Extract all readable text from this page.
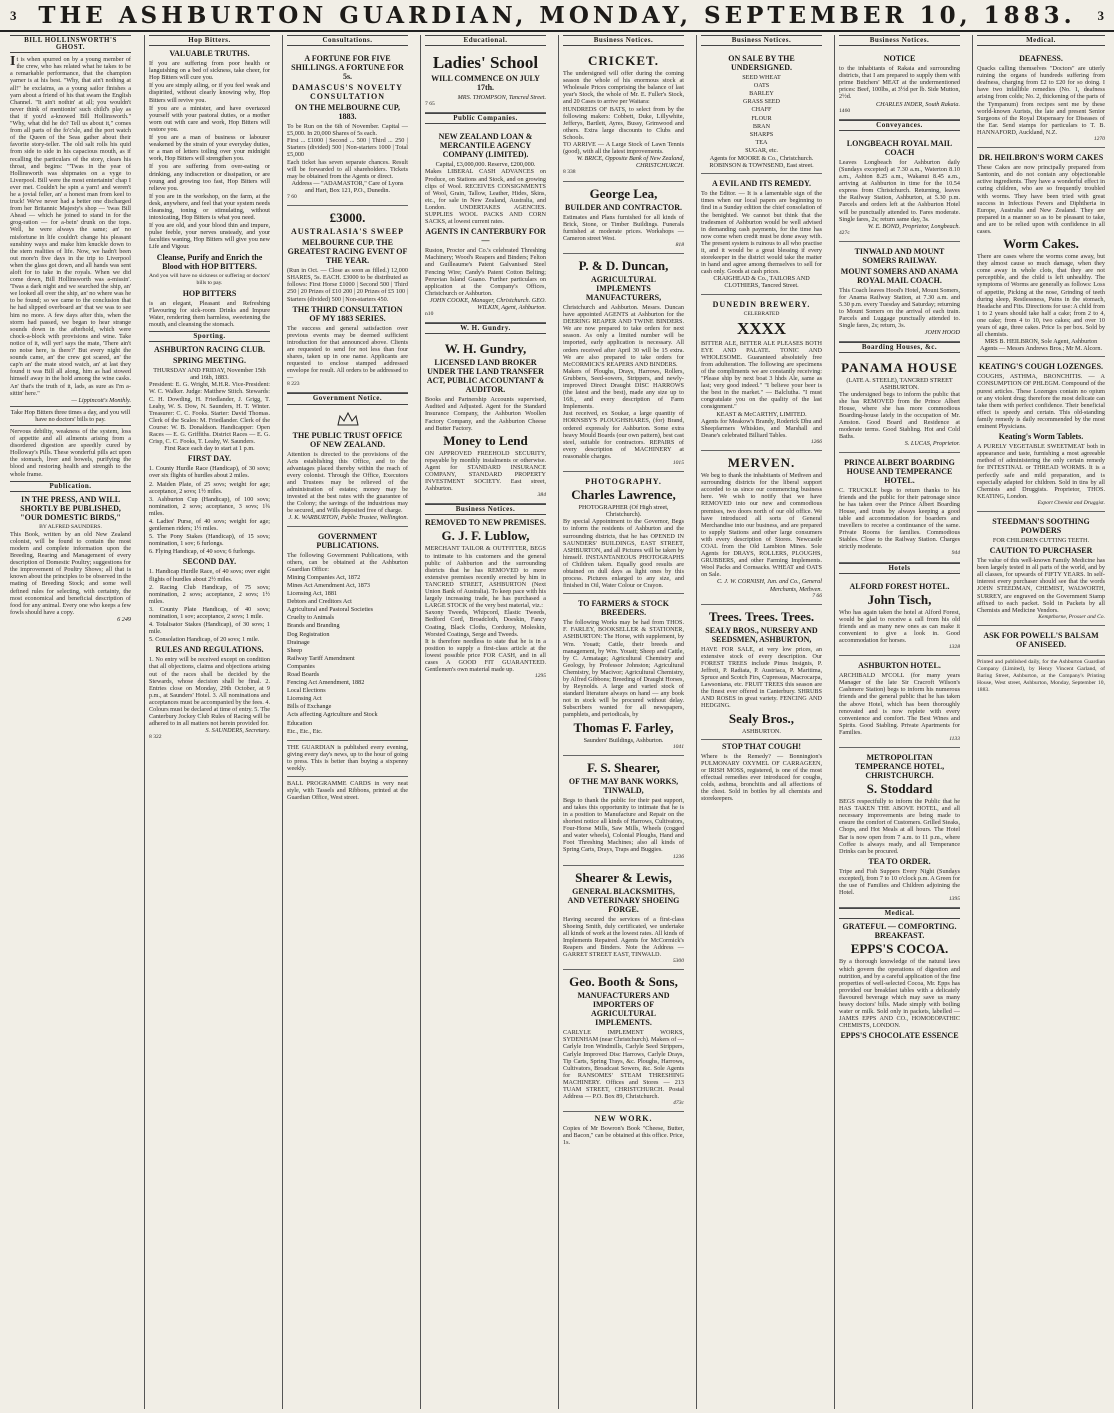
3 THE ASHBURTON GUARDIAN, MONDAY, SEPTEMBER 10, 1883.	3
BILL HOLLINSWORTH'S GHOST.
It is when spurred on by a young member of the crew, who has related what he takes to be a remarkable performance, that the champion yarner is at his best. "Why, that ain't nothing at all!" he exclaims, as a young sailor finishes a yarn about a friend of his that swam the English Channel. "It ain't nothin' at all; you wouldn't never think of mentionin' such child's play as that if you'd a-knowed Bill Hollinsworth." "Why, what did he do? Tell us about it," comes from all parts of the fo'c'sle, and the port watch of the Queen of the Seas gather about their favorite story-teller. The old salt rolls his quid from side to side in his capacious mouth, as if recalling the particulars of the story, clears his throat, and begins: "'Twas in the year of Hollinsworth was shipmates on a vyge to Liverpool. Bill were the most entertainin' chap I ever met. Couldn't he spin a yarn! and weren't he a jovial feller, an' a honest man from keel to truck! We've never had a better one discharged from her Britannic Majesty's shop — 'twas Bill Ahead — which he joined to stand in for the grog-ration — for a-bein' drunk on the tops. Well, he were always the same; an' no misfortune in life couldn't change his pleasant sunshiny ways and make him knuckle down to the stern realities of life. Now, we hadn't been out more'n five days in the trip to Liverpool when the glass got down, and all hands was sent aloft for to take in the royals. When we did come down, Bill Hollinsworth was a-missin'. 'Twas a dark night and we searched the ship, an' we looked all over the ship, an' no where was he to be found; so we came to the conclusion that he had slipped overboard an' that we was to see him no more. A few days after this, when the storm had passed, we began to hear strange sounds down in the afterhold, which were chock-a-block with provisions and wine. Take notice of it, will yer! says the mate, 'There ain't no noise here, is there?' But every night the sounds came, an' the crew got scared, an' the cap'n an' the mate stood watch, an' at last they found it was Bill all along, him as had stowed himself away in the hold among the wine casks. An' that's the truth of it, lads, as sure as I'm a-sittin' here."
— Lippincott's Monthly.
Take Hop Bitters three times a day, and you will have no doctors' bills to pay.
Nervous debility, weakness of the system, loss of appetite and all ailments arising from a disordered digestion are speedily cured by Holloway's Pills. These wonderful pills act upon the stomach, liver and bowels, purifying the blood and restoring health and strength to the whole frame.
Publication.
IN THE PRESS, AND WILL SHORTLY BE PUBLISHED, "OUR DOMESTIC BIRDS,"
BY ALFRED SAUNDERS.
This Book, written by an old New Zealand colonist, will be found to contain the most modern and complete information upon the Breeding, Rearing and Management of every description of Domestic Poultry; suggestions for the improvement of Poultry Shows; all that is known about the principles to be observed in the mating of Breeding Stock; and some well defined rules for selecting, with certainty, the most economical and beneficial description of food for any animal. Every one who keeps a few fowls should have a copy.
6 249
Hop Bitters.
VALUABLE TRUTHS.

If you are suffering from poor health or languishing on a bed of sickness, take cheer, for Hop Bitters will cure you.

If you are simply ailing, or if you feel weak and dispirited, without clearly knowing why, Hop Bitters will revive you.

If you are a minister, and have overtaxed yourself with your pastoral duties, or a mother worn out with care and work, Hop Bitters will restore you.

If you are a man of business or labourer weakened by the strain of your everyday duties, or a man of letters toiling over your midnight work, Hop Bitters will strengthen you.

If you are suffering from over-eating or drinking, any indiscretion or dissipation, or are young and growing too fast, Hop Bitters will relieve you.

If you are in the workshop, on the farm, at the desk, anywhere, and feel that your system needs cleansing, toning or stimulating, without intoxicating, Hop Bitters is what you need.

If you are old, and your blood thin and impure, pulse feeble, your nerves unsteady, and your faculties waning, Hop Bitters will give you new Life and Vigour.

Cleanse, Purify and Enrich the Blood with HOP BITTERS.
And you will have no sickness or suffering or doctors' bills to pay.
HOP BITTERS
is an elegant, Pleasant and Refreshing Flavouring for sick-room Drinks and Impure Water, rendering them harmless, sweetening the mouth, and cleansing the stomach.
Sporting.
ASHBURTON RACING CLUB.
SPRING MEETING.
THURSDAY AND FRIDAY, November 15th and 16th, 1883.
President: E. G. Wright, M.H.R. Vice-President: W. C. Walker. Judge: Matthew Stitch. Stewards: C. H. Dowding, H. Friedlander, J. Grigg, T. Leahy, W. S. Dow, N. Saunders, H. T. Winter. Treasurer: C. C. Fooks. Starter: David Thomas. Clerk of the Scales: M. Friedlander. Clerk of the Course: W. B. Donaldson. Handicapper: Open Races — E. G. Griffiths. District Races — E. G. Crisp, C. C. Fooks, T. Leahy, W. Saunders.
First Race each day to start at 1 p.m.
FIRST DAY.

1. County Hurdle Race (Handicap), of 30 sovs; over six flights of hurdles about 2 miles.

2. Maiden Plate, of 25 sovs; weight for age; acceptance, 2 sovs; 1½ miles.

3. Ashburton Cup (Handicap), of 100 sovs; nomination, 2 sovs; acceptance, 3 sovs; 1¾ miles.

4. Ladies' Purse, of 40 sovs; weight for age; gentlemen riders; 1½ miles.

5. The Pony Stakes (Handicap), of 15 sovs; nomination, 1 sov; 6 furlongs.

6. Flying Handicap, of 40 sovs; 6 furlongs.

SECOND DAY.

1. Handicap Hurdle Race, of 40 sovs; over eight flights of hurdles about 2½ miles.

2. Racing Club Handicap, of 75 sovs; nomination, 2 sovs; acceptance, 2 sovs; 1½ miles.

3. County Plate Handicap, of 40 sovs; nomination, 1 sov; acceptance, 2 sovs; 1 mile.

4. Totalisator Stakes (Handicap), of 30 sovs; 1 mile.

5. Consolation Handicap, of 20 sovs; 1 mile.

RULES AND REGULATIONS.
1. No entry will be received except on condition that all objections, claims and objections arising out of the races shall be decided by the Stewards, whose decision shall be final. 2. Entries close on Monday, 29th October, at 9 p.m., at Saunders' Hotel. 3. All nominations and acceptances must be accompanied by the fees. 4. Colours must be declared at time of entry. 5. The Canterbury Jockey Club Rules of Racing will be adhered to in all matters not herein provided for.
S. SAUNDERS, Secretary.
8 322
Consultations.
A FORTUNE FOR FIVE SHILLINGS. A FORTUNE FOR 5s.
DAMASCUS'S NOVELTY CONSULTATION
ON THE MELBOURNE CUP, 1883.
To be Run on the 6th of November. Capital — £5,000. In 20,000 Shares of 5s each.
First ... £1000 | Second ... 500 | Third ... 250 | Starters (divided) 500 | Non-starters 1000 | Total £5,000
Each ticket has seven separate chances. Result will be forwarded to all shareholders. Tickets may be obtained from the Agents or direct.
Address — "ADAMASTOR," Care of Lyons and Hart, Box 121, P.O., Dunedin.
7 60
£3000.
AUSTRALASIA'S SWEEP
MELBOURNE CUP. THE GREATEST RACING EVENT OF THE YEAR.
(Run in Oct. — Close as soon as filled.) 12,000 SHARES, 5s. EACH. £3000 to be distributed as follows: First Horse £1000 | Second 500 | Third 250 | 20 Prizes of £10 200 | 20 Prizes of £5 100 | Starters (divided) 500 | Non-starters 450.
THE THIRD CONSULTATION OF MY 1883 SERIES.
The success and general satisfaction over previous events may be deemed sufficient introduction for that announced above. Clients are requested to send for not less than four shares, taken up in one name. Applicants are requested to enclose stamped addressed envelope for result. All orders to be addressed to —
8 223
Government Notice.
THE PUBLIC TRUST OFFICE OF NEW ZEALAND.
Attention is directed to the provisions of the Acts establishing this Office, and to the advantages placed thereby within the reach of every colonist. Through the Office, Executors and Trustees may be relieved of the administration of estates; money may be invested at the best rates with the guarantee of the Colony; the savings of the industrious may be secured, and Wills deposited free of charge.
J. K. WARBURTON, Public Trustee, Wellington.
GOVERNMENT PUBLICATIONS.
The following Government Publications, with others, can be obtained at the Ashburton Guardian Office:
Mining Companies Act, 1872
Mines Act Amendment Act, 1873
Licensing Act, 1881
Debtors and Creditors Act
Agricultural and Pastoral Societies
Cruelty to Animals
Brands and Branding
Dog Registration
Drainage
Sheep
Railway Tariff Amendment
Companies
Road Boards
Fencing Act Amendment, 1882
Local Elections
Licensing Act
Bills of Exchange
Acts affecting Agriculture and Stock
Education
Etc., Etc., Etc.
THE GUARDIAN is published every evening, giving every day's news, up to the hour of going to press. This is better than buying a sixpenny weekly.
BALL PROGRAMME CARDS in very neat style, with Tassels and Ribbons, printed at the Guardian Office, West street.
Educational.
Ladies' School
WILL COMMENCE ON JULY 17th.
MRS. THOMPSON, Tancred Street.
7 65
Public Companies.
NEW ZEALAND LOAN & MERCANTILE AGENCY COMPANY (LIMITED).
Capital, £3,000,000. Reserve, £200,000.
Makes LIBERAL CASH ADVANCES on Produce, on Stations and Stock, and on growing clips of Wool. RECEIVES CONSIGNMENTS of Wool, Grain, Tallow, Leather, Hides, Skins, etc., for sale in New Zealand, Australia, and London. UNDERTAKES AGENCIES. SUPPLIES WOOL PACKS AND CORN SACKS, at lowest current rates.
AGENTS IN CANTERBURY FOR —
Ruston, Proctor and Co.'s celebrated Threshing Machinery; Wood's Reapers and Binders; Felton and Guilleaume's Patent Galvanised Steel Fencing Wire; Candy's Patent Cotton Belting; Peruvian Island Guano. Further particulars on application at the Company's Offices, Christchurch or Ashburton.
JOHN COOKE, Manager, Christchurch. GEO. WILKIN, Agent, Ashburton.
n10
W. H. Gundry.
W. H. Gundry,
LICENSED LAND BROKER UNDER THE LAND TRANSFER ACT, PUBLIC ACCOUNTANT & AUDITOR.
Books and Partnership Accounts supervised, Audited and Adjusted. Agent for the Standard Insurance Company, the Ashburton Woollen Factory Company, and the Ashburton Cheese and Butter Factory.
Money to Lend
ON APPROVED FREEHOLD SECURITY, repayable by monthly instalments or otherwise. Agent for STANDARD INSURANCE COMPANY, STANDARD PROPERTY INVESTMENT SOCIETY. East street, Ashburton.
384
Business Notices.
REMOVED TO NEW PREMISES.
G. J. F. Lublow,
MERCHANT TAILOR & OUTFITTER, BEGS to intimate to his customers and the general public of Ashburton and the surrounding districts that he has REMOVED to more extensive premises recently erected by him in TANCRED STREET, ASHBURTON (Next Union Bank of Australia). To keep pace with his largely increasing trade, he has purchased a LARGE STOCK of the very best material, viz.:
Saxony Tweeds, Whipcord, Elastic Tweeds, Bedford Cord, Broadcloth, Doeskin, Fancy Coating, Black Cloths, Corduroy, Moleskin, Worsted Coatings, Serge and Tweeds.
It is therefore needless to state that he is in a position to supply a first-class article at the lowest possible price FOR CASH, and in all cases A GOOD FIT GUARANTEED. Gentlemen's own material made up.
1295
Business Notices.
CRICKET.
The undersigned will offer during the coming season the whole of his enormous stock at Wholesale Prices comprising the balance of last year's Stock, the whole of Mr. E. Fuller's Stock, and 20 Cases to arrive per Waitara:
HUNDREDS OF BATS, to select from by the following makers: Cobbett, Duke, Lillywhite, Jefferys, Bartlett, Ayres, Bussy, Grimwood and others. Extra large discounts to Clubs and Schools.
TO ARRIVE — A Large Stock of Lawn Tennis (good), with all the latest improvements.
W. BRICE, Opposite Bank of New Zealand, CHRISTCHURCH.
8 338
George Lea,
BUILDER AND CONTRACTOR.
Estimates and Plans furnished for all kinds of Brick, Stone, or Timber Buildings. Funerals furnished at moderate prices. Workshops — Cameron street West.
818
P. & D. Duncan,
AGRICULTURAL IMPLEMENTS MANUFACTURERS,
Christchurch and Ashburton. Messrs. Duncan have appointed AGENTS at Ashburton for the DEERING REAPER AND TWINE BINDERS. We are now prepared to take orders for next season. As only a limited number will be imported, early application is necessary. All orders received after April 30 will be 15 extra. We are also prepared to take orders for McCORMICK'S REAPERS AND BINDERS.
Makers of Ploughs, Drays, Harrows, Rollers, Grubbers, Seed-sowers, Strippers, and newly-improved Direct Draught DISC HARROWS (the latest and the best), made any size up to 16ft., and every description of Farm Implements.
Just received, ex Soukar, a large quantity of HORNSBY'S PLOUGHSHARES, (for) Brand, ordered expressly for Ashburton. Some extra heavy Mould Boards (our own pattern), best cast steel, suitable for contractors. REPAIRS of every description of MACHINERY at reasonable charges.
1015
PHOTOGRAPHY.
Charles Lawrence,
PHOTOGRAPHER (Of High street, Christchurch).
By special Appointment to the Governor, Begs to inform the residents of Ashburton and the surrounding districts, that he has OPENED IN SAUNDERS' BUILDINGS, EAST STREET, ASHBURTON, and all Pictures will be taken by himself. INSTANTANEOUS PHOTOGRAPHS of Children taken. Equally good results are obtained on dull days as light ones by this process. Pictures enlarged to any size, and finished in Oil, Water Colour or Crayon.
TO FARMERS & STOCK BREEDERS.
The following Works may be had from THOS. F. FARLEY, BOOKSELLER & STATIONER, ASHBURTON: The Horse, with supplement, by Wm. Youatt; Cattle, their breeds and management, by Wm. Youatt; Sheep and Cattle, by C. Armatage; Agricultural Chemistry and Geology, by Professor Johnston; Agricultural Chemistry, by Macivor; Agricultural Chemistry, by Alfred Gibbons; Breeding of Draught Horses, by Reynolds. A large and varied stock of standard literature always on hand — any book not in stock will be procured without delay. Subscribers wanted for all newspapers, pamphlets, and periodicals, by
Thomas F. Farley,
Saunders' Buildings, Ashburton.
1041
F. S. Shearer,
OF THE MAY BANK WORKS, TINWALD,
Begs to thank the public for their past support, and takes this opportunity to intimate that he is in a position to Manufacture and Repair on the shortest notice all kinds of Harrows, Cultivators, Four-Horse Mills, Saw Mills, Wheels (cogged and water wheels), Colonial Ploughs, Hand and Foot Threshing Machines; also all kinds of Spring Carts, Drays, Traps and Buggies.
1236
Shearer & Lewis,
GENERAL BLACKSMITHS, AND VETERINARY SHOEING FORGE.
Having secured the services of a first-class Shoeing Smith, duly certificated, we undertake all kinds of work at the lowest rates. All kinds of Implements Repaired. Agents for McCormick's Reapers and Binders. Note the Address — GARRET STREET EAST, TINWALD.
5300
Geo. Booth & Sons,
MANUFACTURERS AND IMPORTERS OF AGRICULTURAL IMPLEMENTS.
CARLYLE IMPLEMENT WORKS, SYDENHAM (near Christchurch). Makers of — Carlyle Iron Windmills, Carlyle Seed Strippers, Carlyle Improved Disc Harrows, Carlyle Drays, Tip Carts, Spring Trays, &c. Ploughs, Harrows, Cultivators, Broadcast Sowers, &c. Sole Agents for RANSOMES' STEAM THRESHING MACHINERY. Offices and Stores — 213 TUAM STREET, CHRISTCHURCH. Postal Address — P.O. Box 89, Christchurch.
473c
NEW WORK.
Copies of Mr Bowron's Book "Cheese, Butter, and Bacon," can be obtained at this office. Price, 1s.
Business Notices.
ON SALE BY THE UNDERSIGNED.
SEED WHEAT
OATS
BARLEY
GRASS SEED
CHAFF
FLOUR
BRAN
SHARPS
TEA
SUGAR, etc.
Agents for MOORE & Co., Christchurch. ROBINSON & TOWNSEND, East street.
A EVIL AND ITS REMEDY.
To the Editor. — It is a lamentable sign of the times when our local papers are beginning to find in a Sunday edition the chief consolation of the benighted. We cannot but think that the tradesmen of Ashburton would be well advised in demanding cash payments, for the time has now come when credit must be done away with. The present system is ruinous to all who practise it, and it would be a great blessing if every storekeeper in the district would take the matter in hand and agree among themselves to sell for cash only. Goods at cash prices.
CRAIGHEAD & Co., TAILORS AND CLOTHIERS, Tancred Street.
DUNEDIN BREWERY.
CELEBRATED
XXXX
BITTER ALE, BITTER ALE PLEASES BOTH EYE AND PALATE. TONIC AND WHOLESOME. Guaranteed absolutely free from adulteration. The following are specimens of the compliments we are constantly receiving: "Please ship by next boat 3 hhds Ale, same as last; very good indeed." "I believe your beer is the best in the market." — Balclutha. "I must congratulate you on the quality of the last consignment."
KEAST & McCARTHY, LIMITED.
Agents for Meakow's Brandy, Roderick Dhu and Sheepfarmers Whiskies, and Marshall and Deane's celebrated Billiard Tables.
1266
MERVEN.
We beg to thank the inhabitants of Methven and surrounding districts for the liberal support accorded to us since our commencing business here. We wish to notify that we have REMOVED into our new and commodious premises, two doors north of our old office. We have introduced all sorts of General Merchandise into our business, and are prepared to supply Stations and other large consumers with every description of Stores. Newcastle COAL from the Old Lambton Mines. Sole Agents for DRAYS, ROLLERS, PLOUGHS, GRUBBERS, and other Farming Implements. Wool Packs and Cornsacks. WHEAT and OATS on Sale.
C. J. W. CORNISH, Jun. and Co., General Merchants, Methven.
7 66
Trees. Trees. Trees.
SEALY BROS., NURSERY AND SEEDSMEN, ASHBURTON,
HAVE FOR SALE, at very low prices, an extensive stock of every description. Our FOREST TREES include Pinus Insignis, P. Jeffreii, P. Radiata, P. Austriaca, P. Maritima, Spruce and Scotch Firs, Cupressus, Macrocarpa, Lawsoniana, etc. FRUIT TREES this season are the finest ever offered in Canterbury. SHRUBS AND ROSES in great variety. FENCING AND HEDGING.
Sealy Bros.,
ASHBURTON.
STOP THAT COUGH!
Where is the Remedy? — Bonnington's PULMONARY OXYMEL OF CARRAGEEN, or IRISH MOSS, registered, is one of the most effectual remedies ever introduced for coughs, colds, asthma, bronchitis and all affections of the chest. Sold in bottles by all chemists and storekeepers.
Business Notices.
NOTICE
to the inhabitants of Rakaia and surrounding districts, that I am prepared to supply them with prime Butchers' MEAT at the undermentioned prices: Beef, 100lbs, at 3½d per lb. Side Mutton, 2½d.
CHARLES INDER, South Rakaia.
1460
Conveyances.
LONGBEACH ROYAL MAIL COACH
Leaves Longbeach for Ashburton daily (Sundays excepted) at 7.30 a.m., Waterton 8.10 a.m., Ashton 8.25 a.m., Wakanui 8.45 a.m., arriving at Ashburton in time for the 10.54 express from Christchurch. Returning, leaves the Railway Station, Ashburton, at 5.30 p.m. Parcels and orders left at the Ashburton Hotel will be punctually attended to. Fares moderate. Single fares, 2s; return same day, 3s.
W. E. BOND, Proprietor, Longbeach.
427c
TINWALD AND MOUNT SOMERS RAILWAY.
MOUNT SOMERS AND ANAMA ROYAL MAIL COACH.
This Coach leaves Hood's Hotel, Mount Somers, for Anama Railway Station, at 7.30 a.m. and 5.30 p.m. every Tuesday and Saturday; returning to Mount Somers on the arrival of each train. Parcels and Luggage punctually attended to. Single fares, 2s; return, 3s.
JOHN HOOD
Boarding Houses, &c.
PANAMA HOUSE
(LATE A. STEELE), TANCRED STREET ASHBURTON.
The undersigned begs to inform the public that she has REMOVED from the Prince Albert House, where she has more commodious Boarding-house lately in the occupation of Mr. Amston. Good Board and Residence at moderate terms. Good Stabling. Hot and Cold Baths.
S. LUCAS, Proprietor.
PRINCE ALBERT BOARDING HOUSE AND TEMPERANCE HOTEL.
C. TRUCKLE begs to return thanks to his friends and the public for their patronage since he has taken over the Prince Albert Boarding House, and trusts by always keeping a good table and accommodation for boarders and travellers to receive a continuance of the same. Private Rooms for families. Commodious Stables. Close to the Railway Station. Charges strictly moderate.
944
Hotels
ALFORD FOREST HOTEL.
John Tisch,
Who has again taken the hotel at Alford Forest, would be glad to receive a call from his old friends and as many new ones as can make it convenient to give a look in. Good accommodation for horses.
1328
ASHBURTON HOTEL.
ARCHIBALD M'COLL (for many years Manager of the late Sir Cracroft Wilson's Cashmere Station) begs to inform his numerous friends and the general public that he has taken the above Hotel, which has been thoroughly renovated and is now replete with every convenience and comfort. The Best Wines and Spirits. Good Stabling. Private Apartments for Families.
1133
METROPOLITAN TEMPERANCE HOTEL, CHRISTCHURCH.
S. Stoddard
BEGS respectfully to inform the Public that he HAS TAKEN THE ABOVE HOTEL, and all necessary improvements are being made to ensure the comfort of Customers. Grilled Steaks, Chops, and Hot Meals at all hours. The Hotel Bar is now open from 7 a.m. to 11 p.m., where Coffee is always ready, and all Temperance Drinks can be procured.
TEA TO ORDER.
Tripe and Fish Suppers Every Night (Sundays excepted), from 7 to 10 o'clock p.m. A Green for the use of Families and Children adjoining the Hotel.
1395
Medical.
GRATEFUL — COMFORTING. BREAKFAST.
EPPS'S COCOA.
By a thorough knowledge of the natural laws which govern the operations of digestion and nutrition, and by a careful application of the fine properties of well-selected Cocoa, Mr. Epps has provided our breakfast tables with a delicately flavoured beverage which may save us many heavy doctors' bills. Made simply with boiling water or milk. Sold only in packets, labelled — JAMES EPPS AND CO., HOMOEOPATHIC CHEMISTS, LONDON.
EPPS'S CHOCOLATE ESSENCE
Medical.
DEAFNESS.
Quacks calling themselves "Doctors" are utterly ruining the organs of hundreds suffering from deafness, charging from £2 to £20 for so doing. I have two infallible remedies (No. 1, deafness arising from colds; No. 2, thickening of the parts of the Tympanum) from recipes sent me by these world-known Aurists, the late and present Senior Surgeons of the Royal Dispensary for Diseases of the Ear. Send stamps for particulars to T. B. HANNAFORD, Auckland, N.Z.
1270
DR. HEILBRON'S WORM CAKES
These Cakes are now principally prepared from Santonin, and do not contain any objectionable active ingredients. They have a wonderful effect in curing children, who are so frequently troubled with worms. They have been tried with great success in Infectious Fevers and Diphtheria in Europe, Australia and New Zealand. They are prepared in a manner so as to be pleasant to take, and are to be relied upon with confidence in all cases.
Worm Cakes.
There are cases where the worms come away, but they almost cause so much damage, when they come away in whole clots, that they are not perceptible, and the child is left unhealthy. The symptoms of Worms are generally as follows: Loss of appetite, Picking at the nose, Grinding of teeth during sleep, Restlessness, Pains in the stomach, Headache and Fits. Directions for use: A child from 1 to 2 years should take half a cake; from 2 to 4, one cake; from 4 to 10, two cakes; and over 10 years of age, three cakes. Price 1s per box. Sold by all chemists.
MRS B. HEILBRON, Sole Agent, Ashburton Agents — Messrs Andrews Bros.; Mr M. Alcorn.
KEATING'S COUGH LOZENGES.
COUGHS, ASTHMA, BRONCHITIS. — A CONSUMPTION OF PHLEGM. Compound of the purest articles. These Lozenges contain no opium or any violent drug; therefore the most delicate can take them with perfect confidence. Their beneficial effect is speedy and certain. This old-standing family remedy is daily recommended by the most eminent Physicians.
Keating's Worm Tablets.
A PURELY VEGETABLE SWEETMEAT both in appearance and taste, furnishing a most agreeable method of administering the only certain remedy for INTESTINAL or THREAD WORMS. It is a perfectly safe and mild preparation, and is especially adapted for children. Sold in tins by all Chemists and Druggists. Proprietor, THOS. KEATING, London.
Export Chemist and Druggist.
STEEDMAN'S SOOTHING POWDERS
FOR CHILDREN CUTTING TEETH.
CAUTION TO PURCHASER
The value of this well-known Family Medicine has been largely tested in all parts of the world, and by all classes, for upwards of FIFTY YEARS. In self-interest every purchaser should see that the words JOHN STEEDMAN, CHEMIST, WALWORTH, SURREY, are engraved on the Government Stamp affixed to each packet. Sold in Packets by all Chemists and Medicine Vendors.
Kempthorne, Prosser and Co.
ASK FOR POWELL'S BALSAM OF ANISEED.
Printed and published daily, for the Ashburton Guardian Company (Limited), by Henry Vincent Garland, of Baring Street, Ashburton, at the Company's Printing House, West street, Ashburton, Monday, September 10, 1883.
